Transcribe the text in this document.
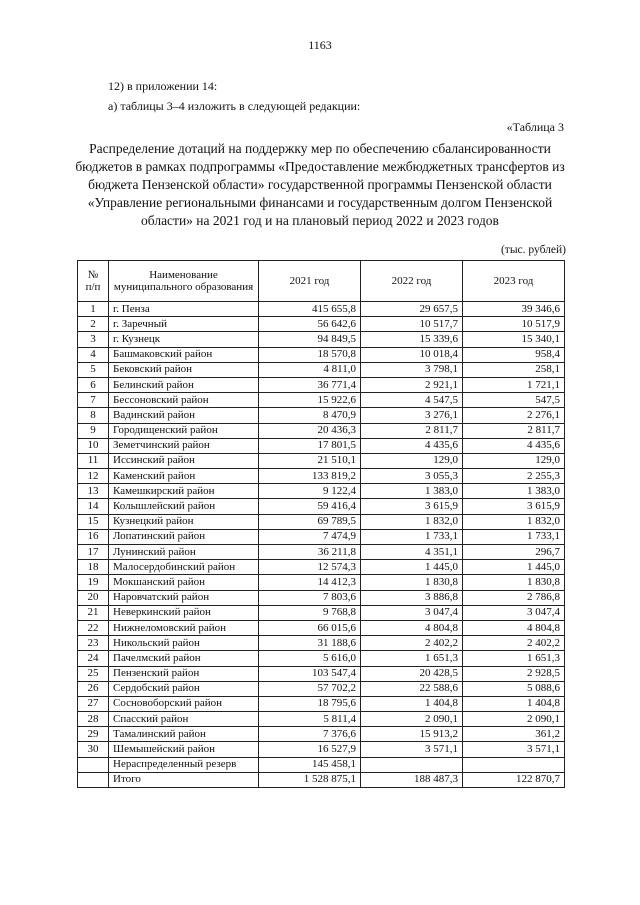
1163
12) в приложении 14:
а) таблицы 3–4 изложить в следующей редакции:
«Таблица 3
Распределение дотаций на поддержку мер по обеспечению сбалансированности бюджетов в рамках подпрограммы «Предоставление межбюджетных трансфертов из бюджета Пензенской области» государственной программы Пензенской области «Управление региональными финансами и государственным долгом Пензенской области» на 2021 год и на плановый период 2022 и 2023 годов
(тыс. рублей)
№ п/п	Наименование муниципального образования	2021 год	2022 год	2023 год
1	г. Пенза	415 655,8	29 657,5	39 346,6
2	г. Заречный	56 642,6	10 517,7	10 517,9
3	г. Кузнецк	94 849,5	15 339,6	15 340,1
4	Башмаковский район	18 570,8	10 018,4	958,4
5	Бековский район	4 811,0	3 798,1	258,1
6	Белинский район	36 771,4	2 921,1	1 721,1
7	Бессоновский район	15 922,6	4 547,5	547,5
8	Вадинский район	8 470,9	3 276,1	2 276,1
9	Городищенский район	20 436,3	2 811,7	2 811,7
10	Земетчинский район	17 801,5	4 435,6	4 435,6
11	Иссинский район	21 510,1	129,0	129,0
12	Каменский район	133 819,2	3 055,3	2 255,3
13	Камешкирский район	9 122,4	1 383,0	1 383,0
14	Колышлейский район	59 416,4	3 615,9	3 615,9
15	Кузнецкий район	69 789,5	1 832,0	1 832,0
16	Лопатинский район	7 474,9	1 733,1	1 733,1
17	Лунинский район	36 211,8	4 351,1	296,7
18	Малосердобинский район	12 574,3	1 445,0	1 445,0
19	Мокшанский район	14 412,3	1 830,8	1 830,8
20	Наровчатский район	7 803,6	3 886,8	2 786,8
21	Неверкинский район	9 768,8	3 047,4	3 047,4
22	Нижнеломовский район	66 015,6	4 804,8	4 804,8
23	Никольский район	31 188,6	2 402,2	2 402,2
24	Пачелмский район	5 616,0	1 651,3	1 651,3
25	Пензенский район	103 547,4	20 428,5	2 928,5
26	Сердобский район	57 702,2	22 588,6	5 088,6
27	Сосновоборский район	18 795,6	1 404,8	1 404,8
28	Спасский район	5 811,4	2 090,1	2 090,1
29	Тамалинский район	7 376,6	15 913,2	361,2
30	Шемышейский район	16 527,9	3 571,1	3 571,1
	Нераспределенный резерв	145 458,1		
	Итого	1 528 875,1	188 487,3	122 870,7
